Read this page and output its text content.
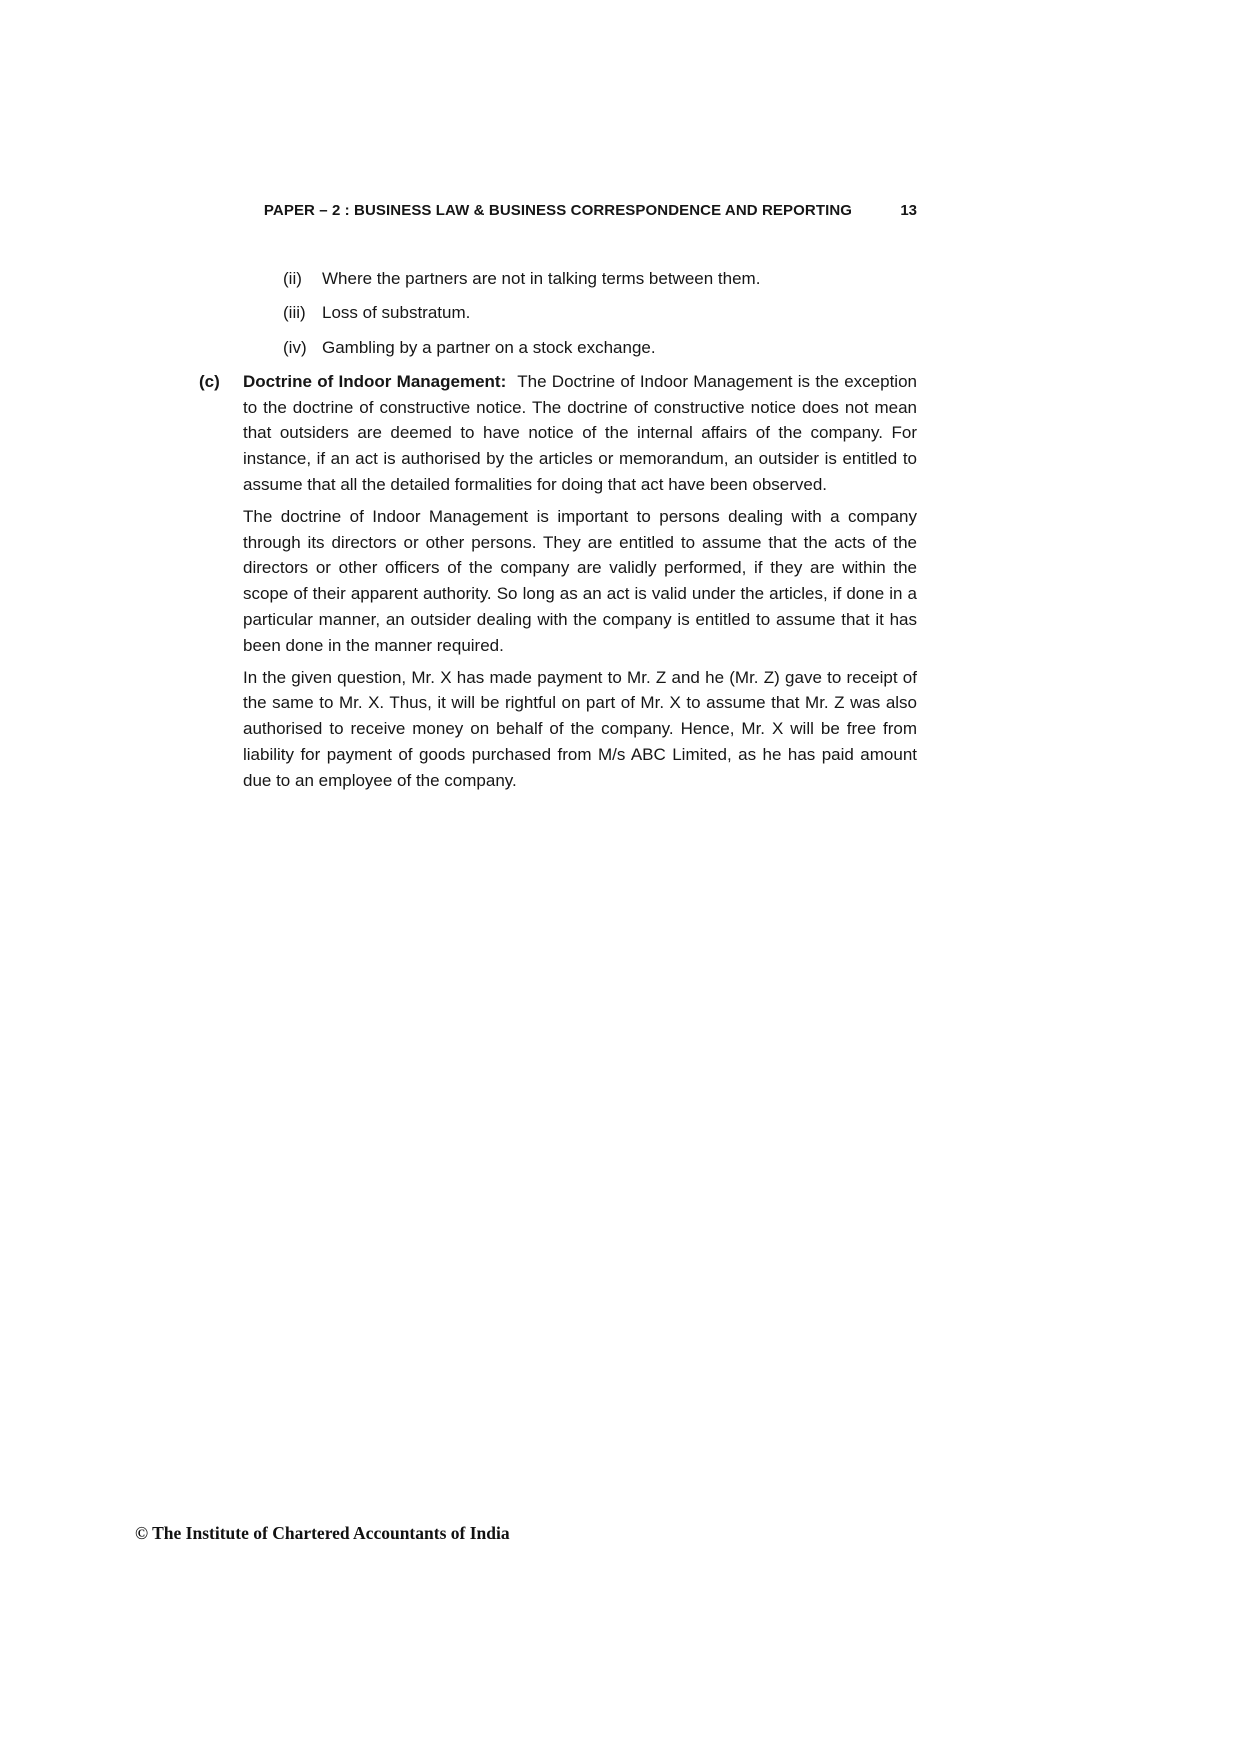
PAPER – 2 : BUSINESS LAW & BUSINESS CORRESPONDENCE AND REPORTING	13
(ii)	Where the partners are not in talking terms between them.
(iii) Loss of substratum.
(iv) Gambling by a partner on a stock exchange.
(c)	Doctrine of Indoor Management: The Doctrine of Indoor Management is the exception to the doctrine of constructive notice. The doctrine of constructive notice does not mean that outsiders are deemed to have notice of the internal affairs of the company. For instance, if an act is authorised by the articles or memorandum, an outsider is entitled to assume that all the detailed formalities for doing that act have been observed.

The doctrine of Indoor Management is important to persons dealing with a company through its directors or other persons. They are entitled to assume that the acts of the directors or other officers of the company are validly performed, if they are within the scope of their apparent authority. So long as an act is valid under the articles, if done in a particular manner, an outsider dealing with the company is entitled to assume that it has been done in the manner required.

In the given question, Mr. X has made payment to Mr. Z and he (Mr. Z) gave to receipt of the same to Mr. X. Thus, it will be rightful on part of Mr. X to assume that Mr. Z was also authorised to receive money on behalf of the company. Hence, Mr. X will be free from liability for payment of goods purchased from M/s ABC Limited, as he has paid amount due to an employee of the company.

© The Institute of Chartered Accountants of India
